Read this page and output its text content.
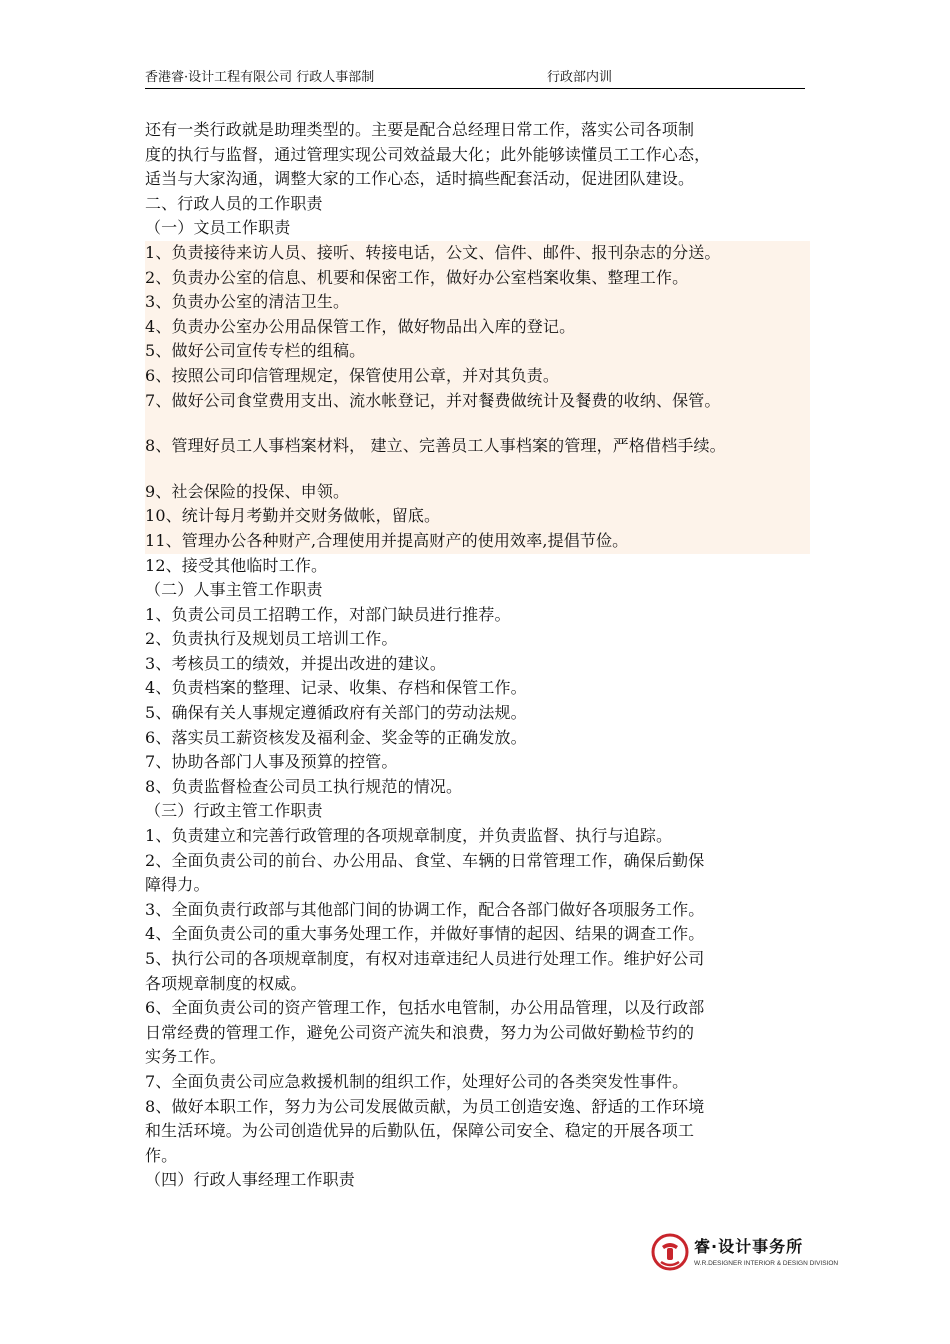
香港睿·设计工程有限公司 行政人事部制	行政部内训
还有一类行政就是助理类型的。主要是配合总经理日常工作，落实公司各项制
度的执行与监督，通过管理实现公司效益最大化；此外能够读懂员工工作心态，
适当与大家沟通，调整大家的工作心态，适时搞些配套活动，促进团队建设。
二、行政人员的工作职责
（一）文员工作职责
1、负责接待来访人员、接听、转接电话，公文、信件、邮件、报刊杂志的分送。
2、负责办公室的信息、机要和保密工作，做好办公室档案收集、整理工作。
3、负责办公室的清洁卫生。
4、负责办公室办公用品保管工作，做好物品出入库的登记。
5、做好公司宣传专栏的组稿。
6、按照公司印信管理规定，保管使用公章，并对其负责。
7、做好公司食堂费用支出、流水帐登记，并对餐费做统计及餐费的收纳、保管。
8、管理好员工人事档案材料， 建立、完善员工人事档案的管理，严格借档手续。
9、社会保险的投保、申领。
10、统计每月考勤并交财务做帐，留底。
11、管理办公各种财产,合理使用并提高财产的使用效率,提倡节俭。
12、接受其他临时工作。
（二）人事主管工作职责
1、负责公司员工招聘工作，对部门缺员进行推荐。
2、负责执行及规划员工培训工作。
3、考核员工的绩效，并提出改进的建议。
4、负责档案的整理、记录、收集、存档和保管工作。
5、确保有关人事规定遵循政府有关部门的劳动法规。
6、落实员工薪资核发及福利金、奖金等的正确发放。
7、协助各部门人事及预算的控管。
8、负责监督检查公司员工执行规范的情况。
（三）行政主管工作职责
1、负责建立和完善行政管理的各项规章制度，并负责监督、执行与追踪。
2、全面负责公司的前台、办公用品、食堂、车辆的日常管理工作，确保后勤保
障得力。
3、全面负责行政部与其他部门间的协调工作，配合各部门做好各项服务工作。
4、全面负责公司的重大事务处理工作，并做好事情的起因、结果的调查工作。
5、执行公司的各项规章制度，有权对违章违纪人员进行处理工作。维护好公司
各项规章制度的权威。
6、全面负责公司的资产管理工作，包括水电管制，办公用品管理，以及行政部
日常经费的管理工作，避免公司资产流失和浪费，努力为公司做好勤检节约的
实务工作。
7、全面负责公司应急救援机制的组织工作，处理好公司的各类突发性事件。
8、做好本职工作，努力为公司发展做贡献，为员工创造安逸、舒适的工作环境
和生活环境。为公司创造优异的后勤队伍，保障公司安全、稳定的开展各项工
作。
（四）行政人事经理工作职责
睿·设计事务所
W.R.DESIGNER INTERIOR & DESIGN DIVISION
